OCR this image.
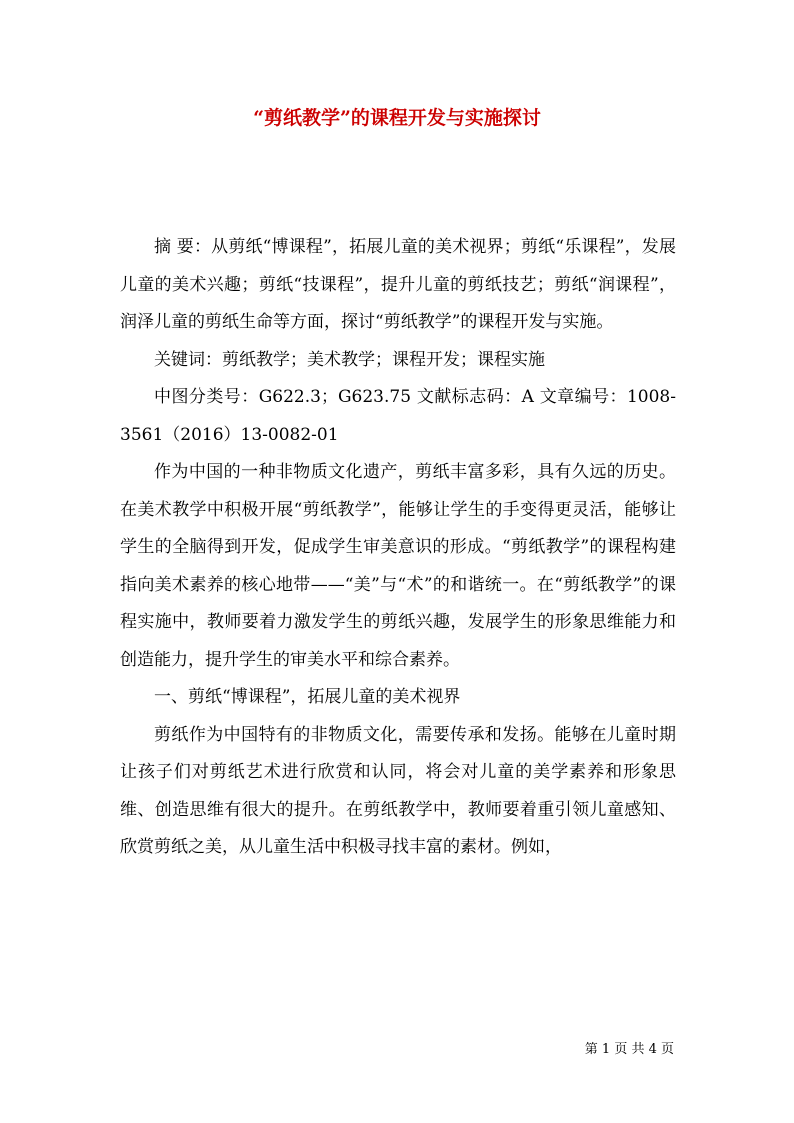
“剪纸教学”的课程开发与实施探讨

摘 要：从剪纸“博课程”，拓展儿童的美术视界；剪纸“乐课程”，发展儿童的美术兴趣；剪纸“技课程”，提升儿童的剪纸技艺；剪纸“润课程”，润泽儿童的剪纸生命等方面，探讨“剪纸教学”的课程开发与实施。

关键词：剪纸教学；美术教学；课程开发；课程实施

中图分类号：G622.3；G623.75 文献标志码：A 文章编号：1008-3561（2016）13-0082-01

作为中国的一种非物质文化遗产，剪纸丰富多彩，具有久远的历史。在美术教学中积极开展“剪纸教学”，能够让学生的手变得更灵活，能够让学生的全脑得到开发，促成学生审美意识的形成。“剪纸教学”的课程构建指向美术素养的核心地带——“美”与“术”的和谐统一。在“剪纸教学”的课程实施中，教师要着力激发学生的剪纸兴趣，发展学生的形象思维能力和创造能力，提升学生的审美水平和综合素养。

一、剪纸“博课程”，拓展儿童的美术视界

剪纸作为中国特有的非物质文化，需要传承和发扬。能够在儿童时期让孩子们对剪纸艺术进行欣赏和认同，将会对儿童的美学素养和形象思维、创造思维有很大的提升。在剪纸教学中，教师要着重引领儿童感知、欣赏剪纸之美，从儿童生活中积极寻找丰富的素材。例如，

第 1 页 共 4 页
